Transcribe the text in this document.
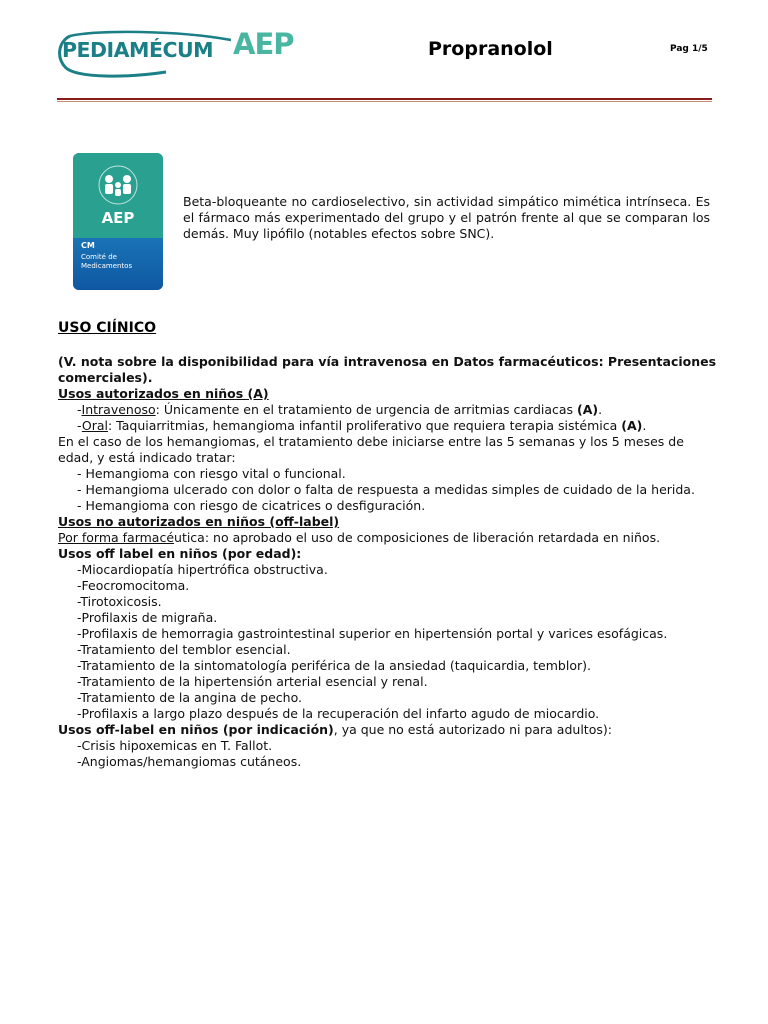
PEDIAMÉCUM AEP	Propranolol	Pag 1/5
AEP
CM
Comité de Medicamentos
Beta-bloqueante no cardioselectivo, sin actividad simpático mimética intrínseca. Es el fármaco más experimentado del grupo y el patrón frente al que se comparan los demás. Muy lipófilo (notables efectos sobre SNC).
USO CIÍNICO

(V. nota sobre la disponibilidad para vía intravenosa en Datos farmacéuticos: Presentaciones comerciales).

Usos autorizados en niños (A)

-Intravenoso: Únicamente en el tratamiento de urgencia de arritmias cardiacas (A).

-Oral: Taquiarritmias, hemangioma infantil proliferativo que requiera terapia sistémica (A).

En el caso de los hemangiomas, el tratamiento debe iniciarse entre las 5 semanas y los 5 meses de edad, y está indicado tratar:

- Hemangioma con riesgo vital o funcional.

- Hemangioma ulcerado con dolor o falta de respuesta a medidas simples de cuidado de la herida.

- Hemangioma con riesgo de cicatrices o desfiguración.

Usos no autorizados en niños (off-label)

Por forma farmacéutica: no aprobado el uso de composiciones de liberación retardada en niños.

Usos off label en niños (por edad):

-Miocardiopatía hipertrófica obstructiva.

-Feocromocitoma.

-Tirotoxicosis.

-Profilaxis de migraña.

-Profilaxis de hemorragia gastrointestinal superior en hipertensión portal y varices esofágicas.

-Tratamiento del temblor esencial.

-Tratamiento de la sintomatología periférica de la ansiedad (taquicardia, temblor).

-Tratamiento de la hipertensión arterial esencial y renal.

-Tratamiento de la angina de pecho.

-Profilaxis a largo plazo después de la recuperación del infarto agudo de miocardio.

Usos off-label en niños (por indicación), ya que no está autorizado ni para adultos):

-Crisis hipoxemicas en T. Fallot.

-Angiomas/hemangiomas cutáneos.
